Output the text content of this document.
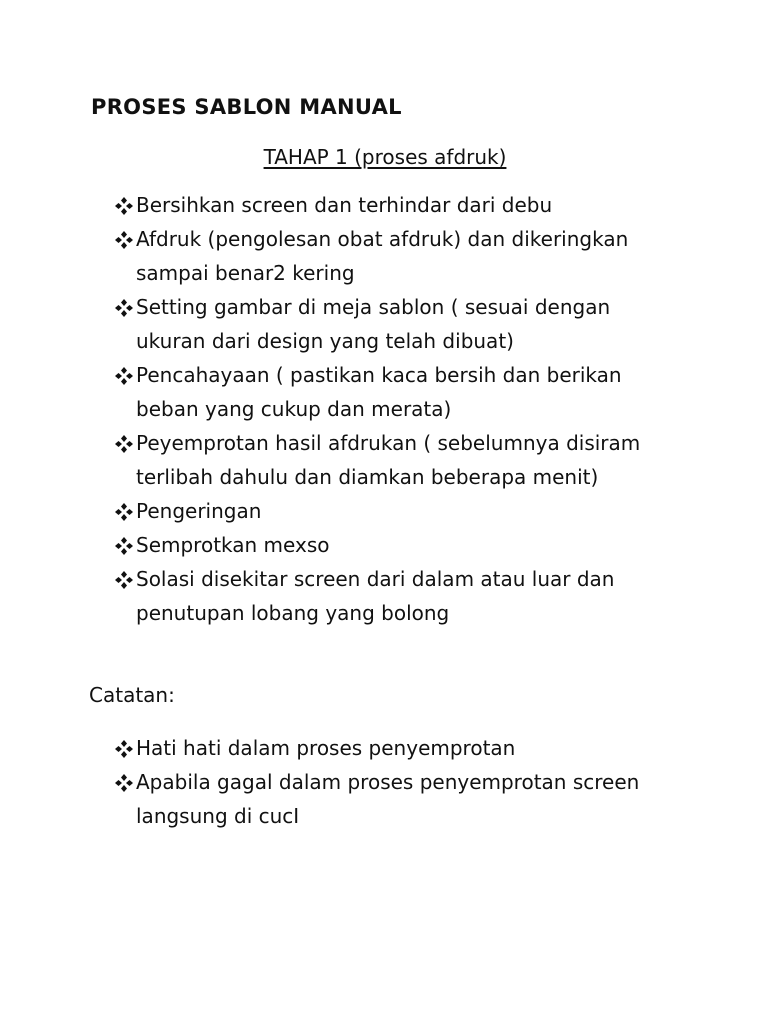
PROSES SABLON MANUAL
TAHAP 1 (proses afdruk)
Bersihkan screen dan terhindar dari debu
Afdruk (pengolesan obat afdruk) dan dikeringkan
sampai benar2 kering
Setting gambar di meja sablon ( sesuai dengan
ukuran dari design yang telah dibuat)
Pencahayaan ( pastikan kaca bersih dan berikan
beban yang cukup dan merata)
Peyemprotan hasil afdrukan ( sebelumnya disiram
terlibah dahulu dan diamkan beberapa menit)
Pengeringan
Semprotkan mexso
Solasi disekitar screen dari dalam atau luar dan
penutupan lobang yang bolong
Catatan:
Hati hati dalam proses penyemprotan
Apabila gagal dalam proses penyemprotan screen
langsung di cucI
